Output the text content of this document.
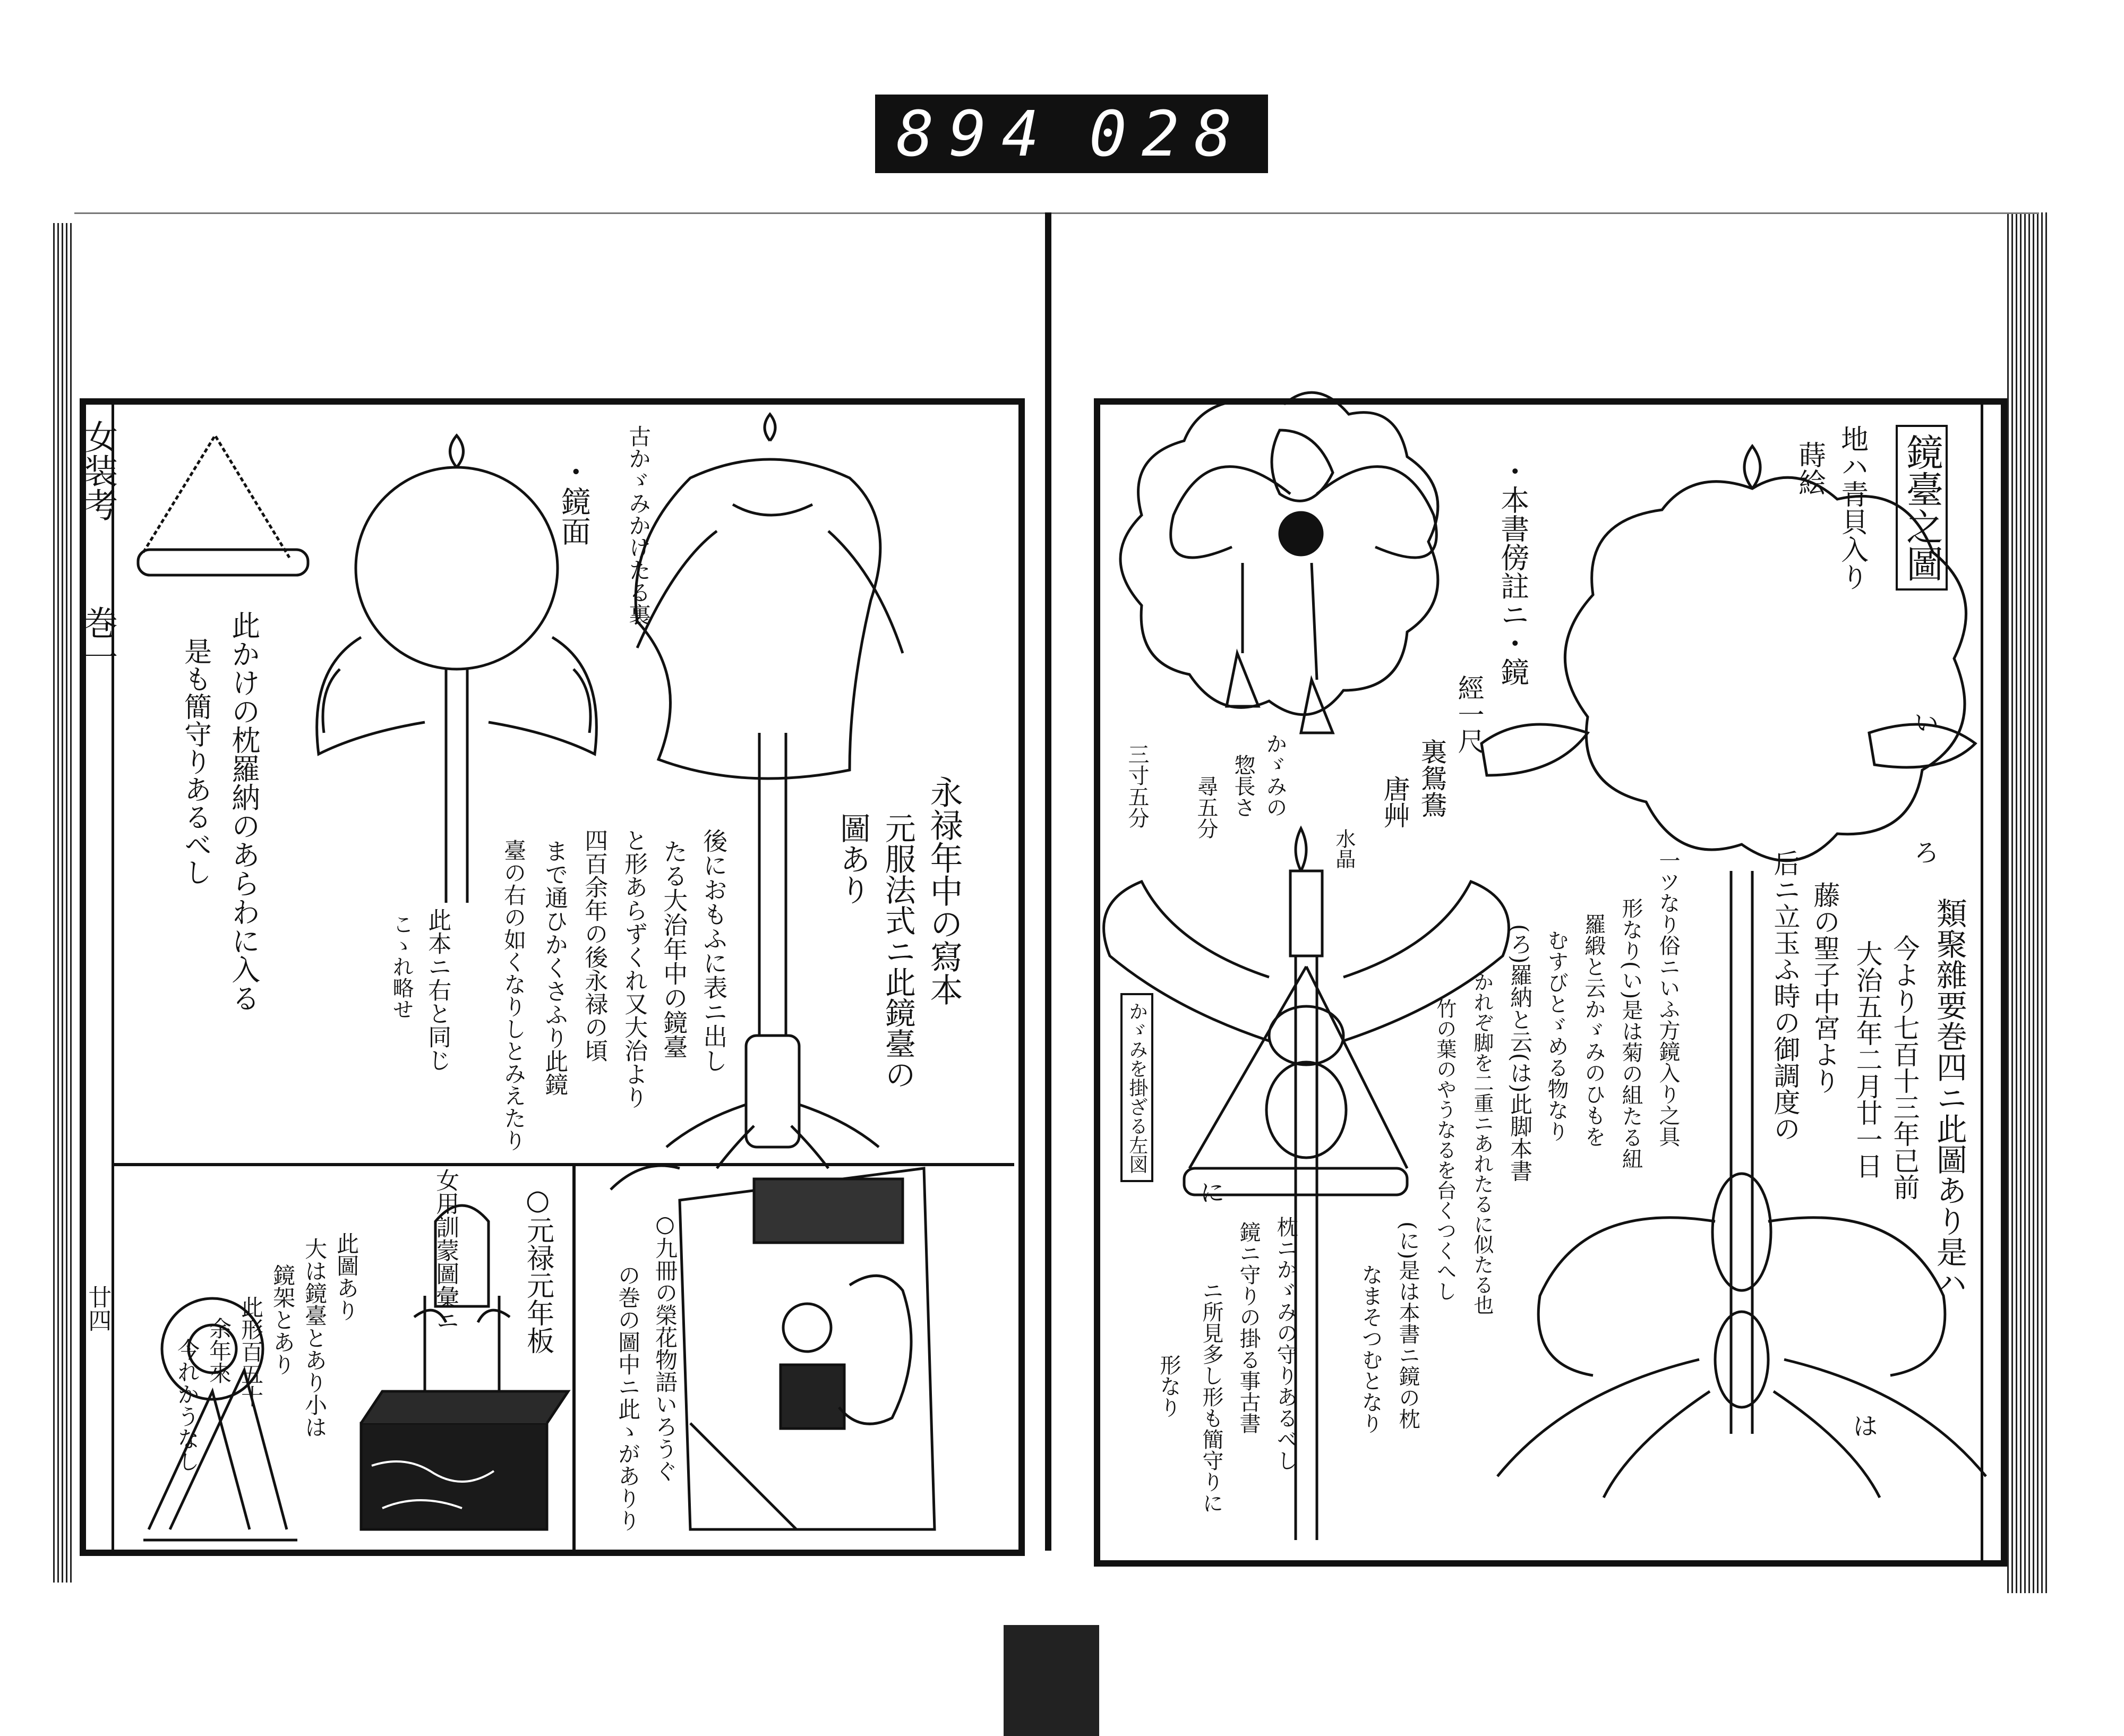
894 028
女装考
巻一
廿四
・鏡面 古かゞみかけたる裏
永禄年中の寫本
元服法式ニ此鏡臺の
圖あり
後におもふに表ニ出し
たる大治年中の鏡臺
と形あらずくれ又大治より
四百余年の後永禄の頃
まで通ひかくさふり此鏡
臺の右の如くなりしとみえたり
此本ニ右と同じ
こゝれ略せ
此かけの枕羅納のあらわに入る
是も簡守りあるべし
○元禄元年板
女用訓蒙圖彙ニ
此圖あり
大は鏡臺とあり小は
鏡架とあり
此形百五十
余年來
今れかうなし	○九冊の榮花物語いろうぐ
の巻の圖中ニ此ゝがありり
鏡臺之圖
地ハ青貝入り
蒔絵
・本書傍註ニ・鏡
經一尺
裏鴛鴦
唐艸
かゞみの
惣長さ
尋五分
三寸五分
水晶
かゞみを掛ざる左図
い
ろ
は
に	類聚雜要巻四ニ此圖あり是ハ
今より七百十三年已前
大治五年二月廿一日
藤の聖子中宮より
后ニ立玉ふ時の御調度の
一ツなり俗ニいふ方鏡入り之具
形なり(い)是は菊の組たる紐
羅緞と云かゞみのひもを
むすびとゞめる物なり
(ろ)羅納と云(は)此脚本書
かれぞ脚を二重ニあれたるに似たる也
竹の葉のやうなるを台くつくへし
(に)是は本書ニ鏡の枕
なまそつむとなり
枕ニかゞみの守りあるべし
鏡ニ守りの掛る事古書
ニ所見多し形も簡守りに
形なり
